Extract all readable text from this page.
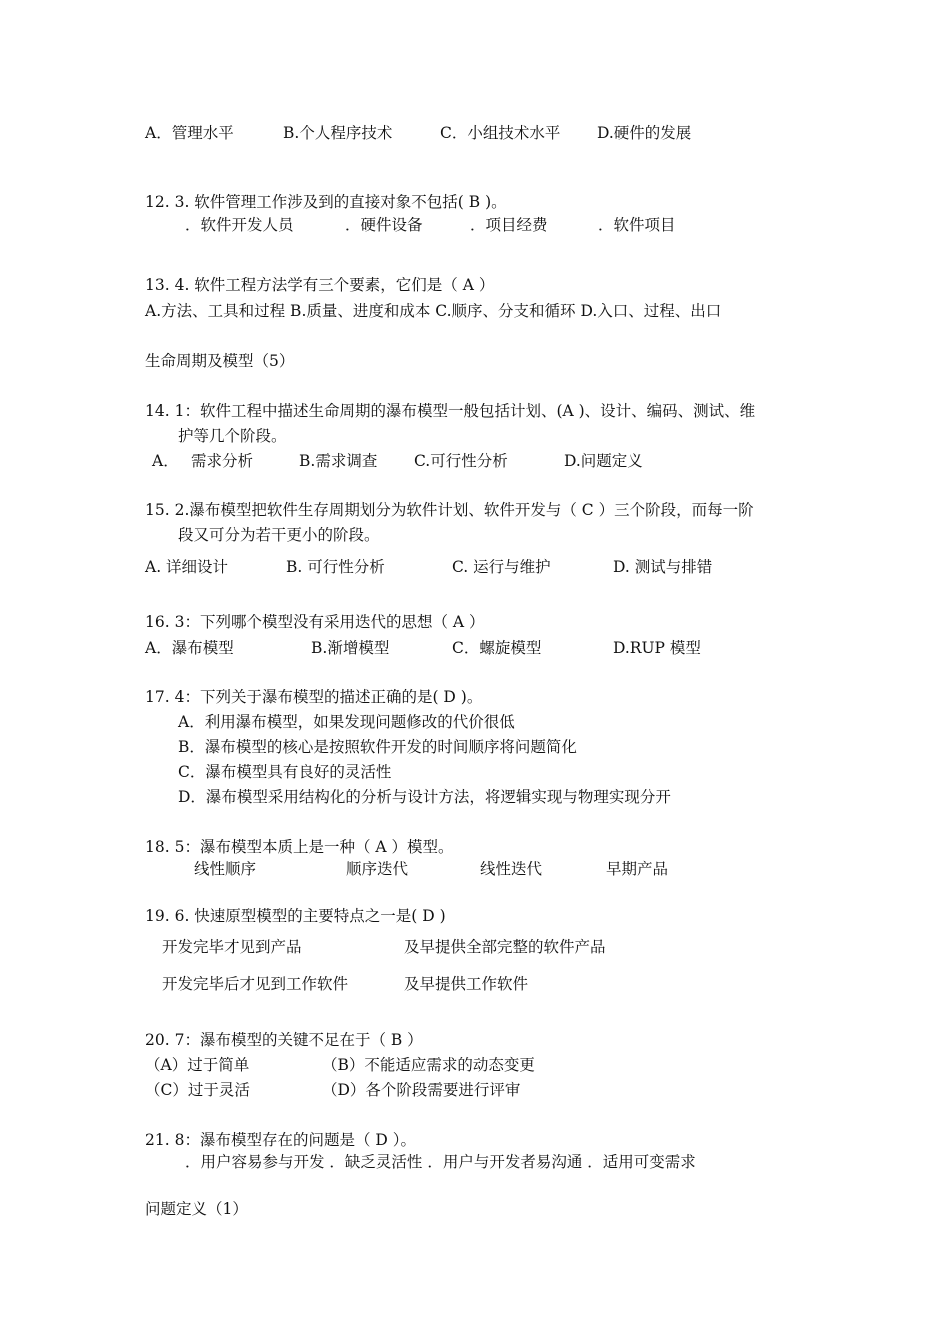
A．管理水平	B.个人程序技术	C．小组技术水平 D.硬件的发展
12. 3. 软件管理工作涉及到的直接对象不包括( B )。
．软件开发人员	．硬件设备	．项目经费	．软件项目
13. 4. 软件工程方法学有三个要素，它们是（ A ）
A.方法、工具和过程 B.质量、进度和成本 C.顺序、分支和循环 D.入口、过程、出口
生命周期及模型（5）
14. 1：软件工程中描述生命周期的瀑布模型一般包括计划、(A )、设计、编码、测试、维
护等几个阶段。
A． 需求分析	B.需求调查 C.可行性分析	D.问题定义
15. 2.瀑布模型把软件生存周期划分为软件计划、软件开发与（ C ）三个阶段，而每一阶
段又可分为若干更小的阶段。
A. 详细设计	B. 可行性分析	C. 运行与维护	D. 测试与排错
16. 3：下列哪个模型没有采用迭代的思想（ A ）
A．瀑布模型	B.渐增模型	C．螺旋模型	D.RUP 模型
17. 4：下列关于瀑布模型的描述正确的是( D )。
A．利用瀑布模型，如果发现问题修改的代价很低
B．瀑布模型的核心是按照软件开发的时间顺序将问题简化
C．瀑布模型具有良好的灵活性
D．瀑布模型采用结构化的分析与设计方法，将逻辑实现与物理实现分开
18. 5：瀑布模型本质上是一种（ A ）模型。
线性顺序	顺序迭代	线性迭代	早期产品
19. 6. 快速原型模型的主要特点之一是( D )
开发完毕才见到产品	及早提供全部完整的软件产品
开发完毕后才见到工作软件	及早提供工作软件
20. 7：瀑布模型的关键不足在于（ B ）
（A）过于简单	（B）不能适应需求的动态变更
（C）过于灵活	（D）各个阶段需要进行评审
21. 8：瀑布模型存在的问题是（ D ）。
．用户容易参与开发 ．缺乏灵活性 ．用户与开发者易沟通 ．适用可变需求
问题定义（1）
